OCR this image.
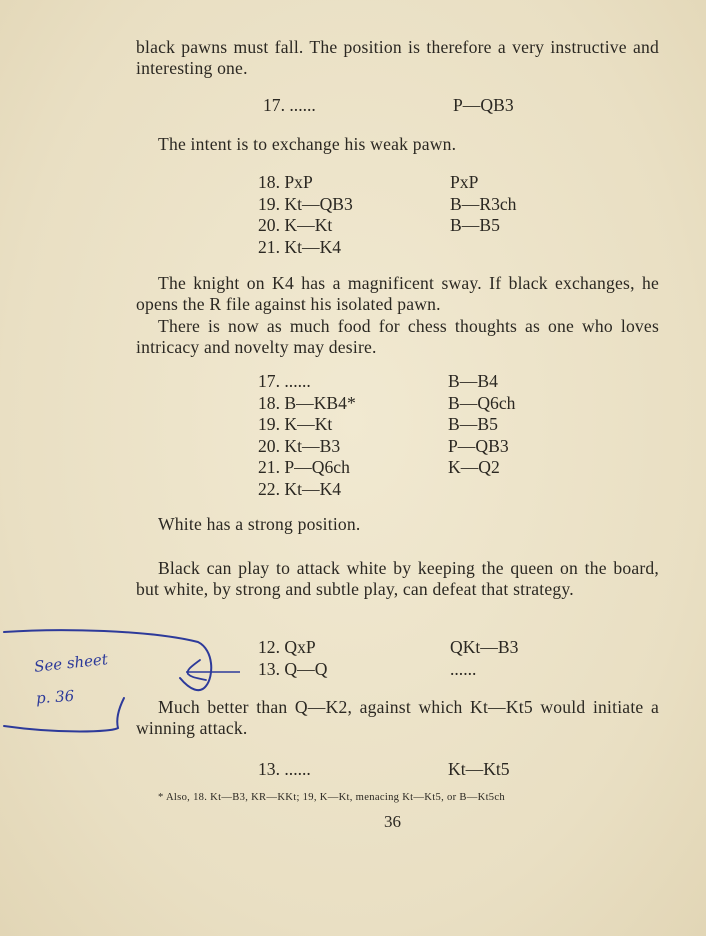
black pawns must fall. The position is therefore a very instructive and interesting one.

17. ......	P—QB3

The intent is to exchange his weak pawn.

18. PxP	PxP
19. Kt—QB3	B—R3ch
20. K—Kt	B—B5
21. Kt—K4

The knight on K4 has a magnificent sway. If black exchanges, he opens the R file against his isolated pawn.

There is now as much food for chess thoughts as one who loves intricacy and novelty may desire.

17. ......	B—B4
18. B—KB4*	B—Q6ch
19. K—Kt	B—B5
20. Kt—B3	P—QB3
21. P—Q6ch	K—Q2
22. Kt—K4

White has a strong position.

Black can play to attack white by keeping the queen on the board, but white, by strong and subtle play, can defeat that strategy.

12. QxP	QKt—B3
13. Q—Q	......

Much better than Q—K2, against which Kt—Kt5 would initiate a winning attack.

13. ......	Kt—Kt5
* Also, 18. Kt—B3, KR—KKt; 19, K—Kt, menacing Kt—Kt5, or B—Kt5ch
36
See sheet
p. 36
